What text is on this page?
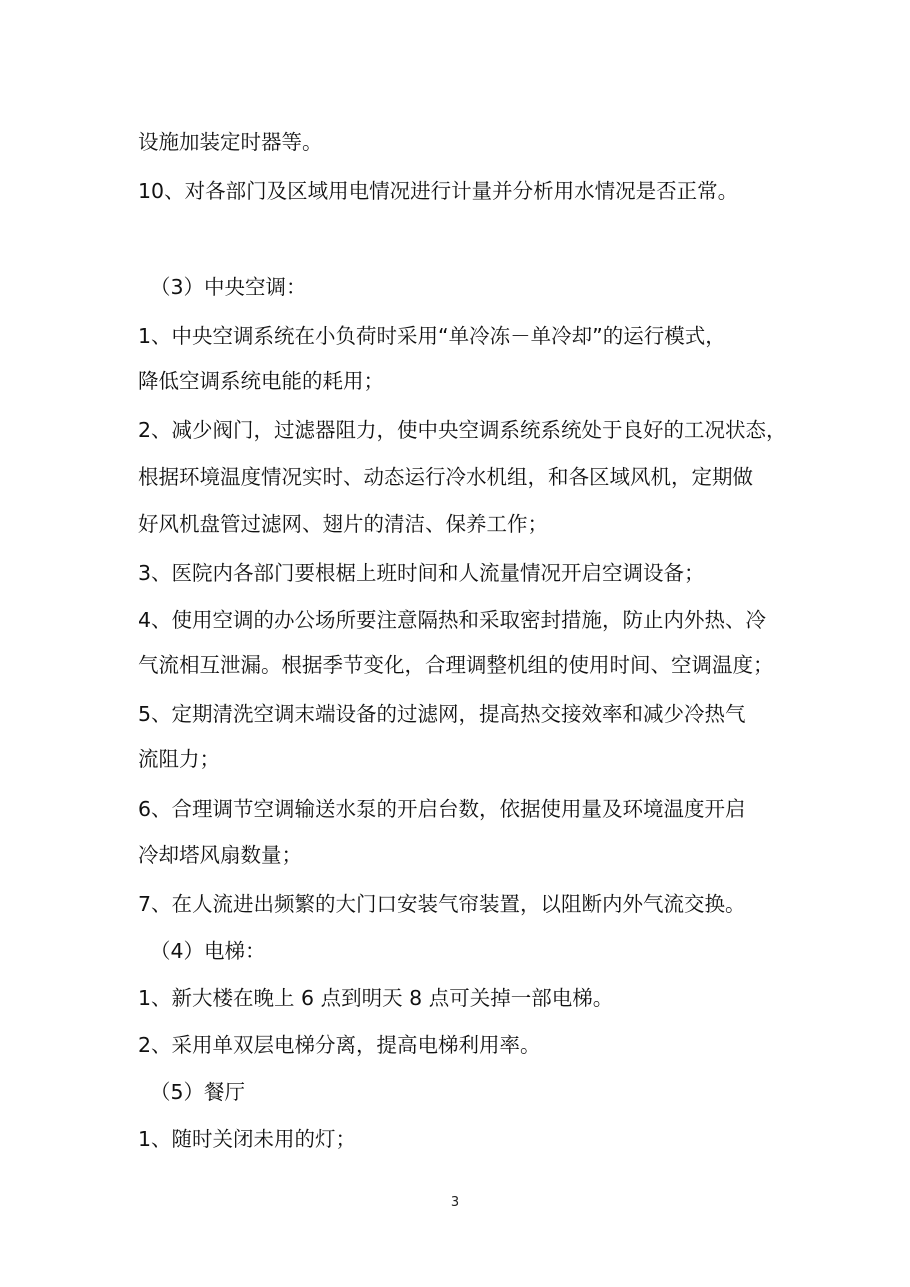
设施加装定时器等。
10、对各部门及区域用电情况进行计量并分析用水情况是否正常。
（3）中央空调：
1、中央空调系统在小负荷时采用“单冷冻－单冷却”的运行模式，
降低空调系统电能的耗用；
2、减少阀门，过滤器阻力，使中央空调系统系统处于良好的工况状态，
根据环境温度情况实时、动态运行冷水机组，和各区域风机，定期做
好风机盘管过滤网、翅片的清洁、保养工作；
3、医院内各部门要根椐上班时间和人流量情况开启空调设备；
4、使用空调的办公场所要注意隔热和采取密封措施，防止内外热、冷
气流相互泄漏。根据季节变化，合理调整机组的使用时间、空调温度；
5、定期清洗空调末端设备的过滤网，提高热交接效率和减少冷热气
流阻力；
6、合理调节空调输送水泵的开启台数，依据使用量及环境温度开启
冷却塔风扇数量；
7、在人流进出频繁的大门口安装气帘装置，以阻断内外气流交换。
（4）电梯：
1、新大楼在晚上 6 点到明天 8 点可关掉一部电梯。
2、采用单双层电梯分离，提高电梯利用率。
（5）餐厅
1、随时关闭未用的灯；
3
